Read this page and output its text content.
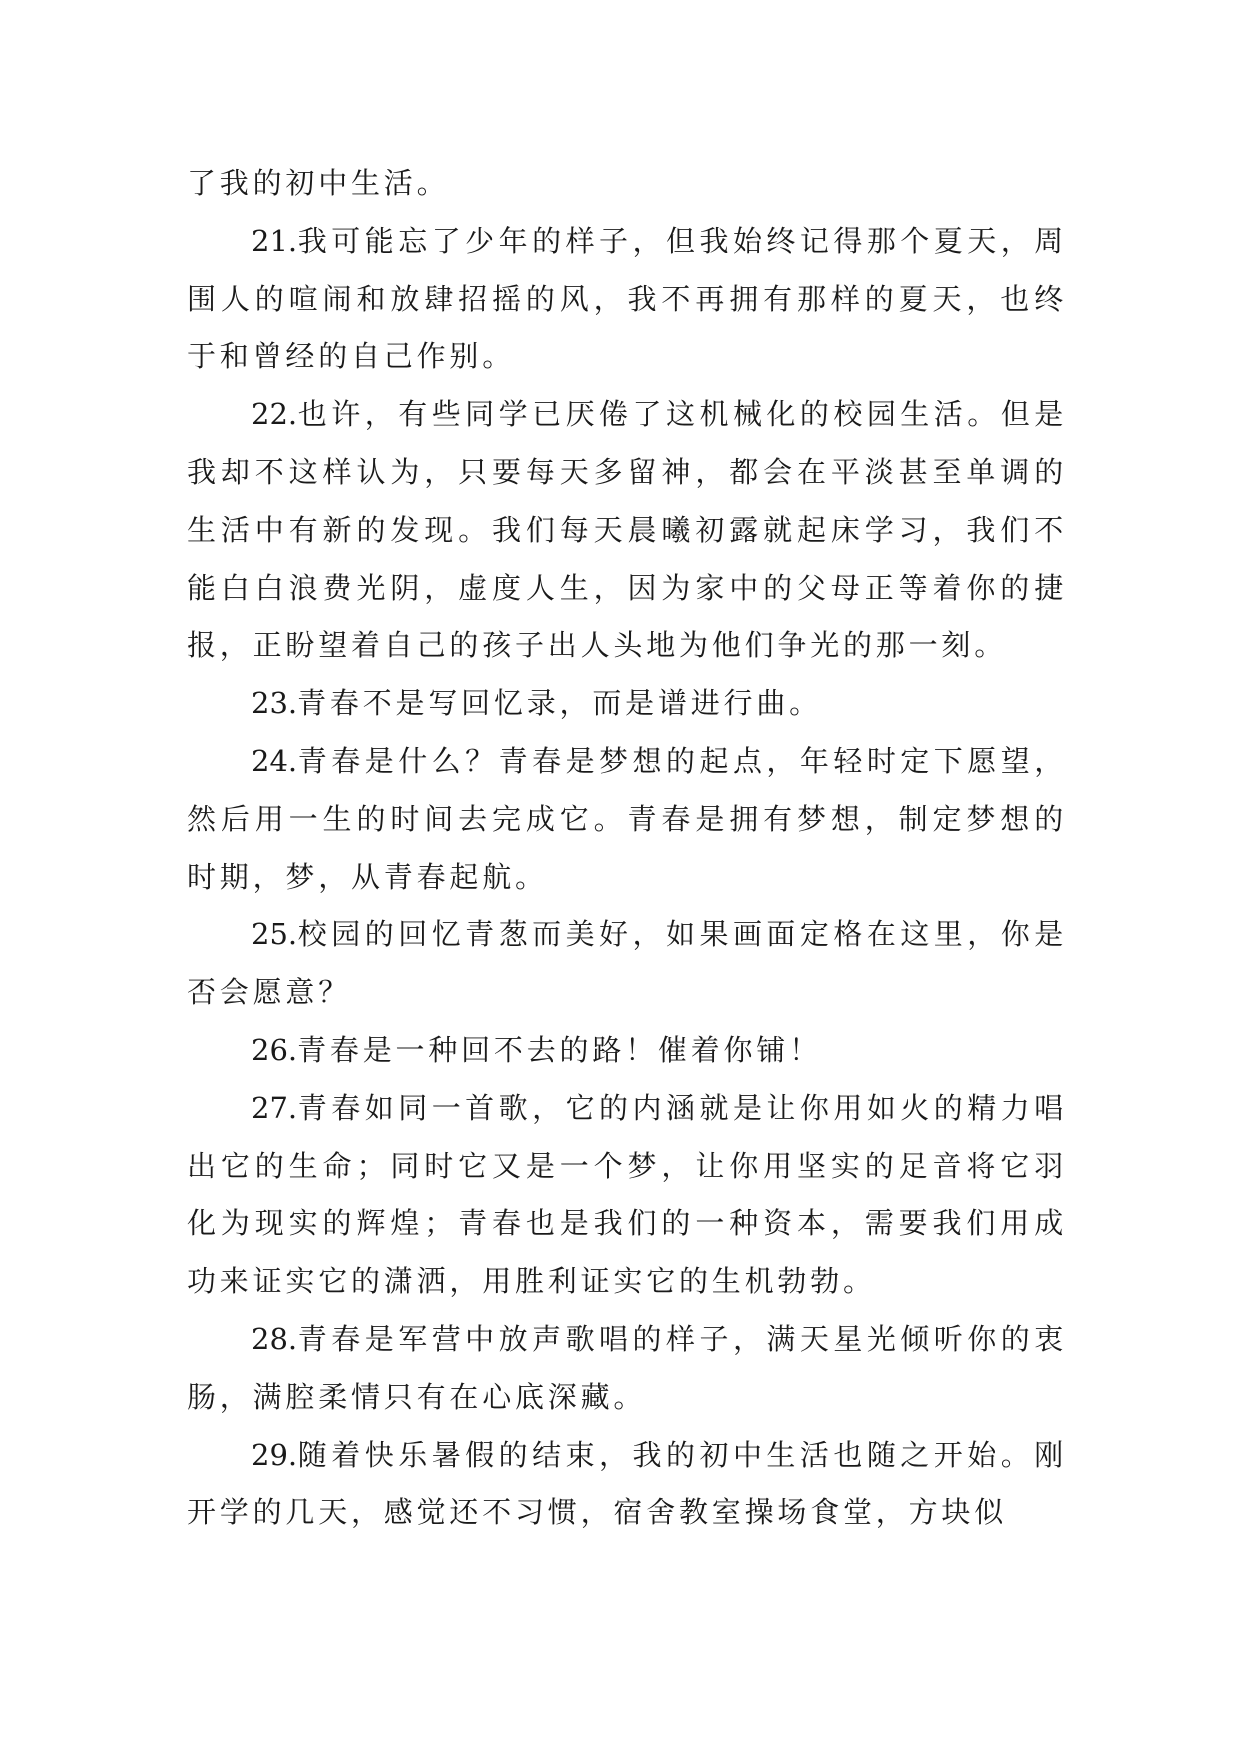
了我的初中生活。

21.我可能忘了少年的样子，但我始终记得那个夏天，周围人的喧闹和放肆招摇的风，我不再拥有那样的夏天，也终于和曾经的自己作别。

22.也许，有些同学已厌倦了这机械化的校园生活。但是我却不这样认为，只要每天多留神，都会在平淡甚至单调的生活中有新的发现。我们每天晨曦初露就起床学习，我们不能白白浪费光阴，虚度人生，因为家中的父母正等着你的捷报，正盼望着自己的孩子出人头地为他们争光的那一刻。

23.青春不是写回忆录，而是谱进行曲。

24.青春是什么？青春是梦想的起点，年轻时定下愿望，然后用一生的时间去完成它。青春是拥有梦想，制定梦想的时期，梦，从青春起航。

25.校园的回忆青葱而美好，如果画面定格在这里，你是否会愿意？

26.青春是一种回不去的路！催着你铺！

27.青春如同一首歌，它的内涵就是让你用如火的精力唱出它的生命；同时它又是一个梦，让你用坚实的足音将它羽化为现实的辉煌；青春也是我们的一种资本，需要我们用成功来证实它的潇洒，用胜利证实它的生机勃勃。

28.青春是军营中放声歌唱的样子，满天星光倾听你的衷肠，满腔柔情只有在心底深藏。

29.随着快乐暑假的结束，我的初中生活也随之开始。刚开学的几天，感觉还不习惯，宿舍教室操场食堂，方块似
